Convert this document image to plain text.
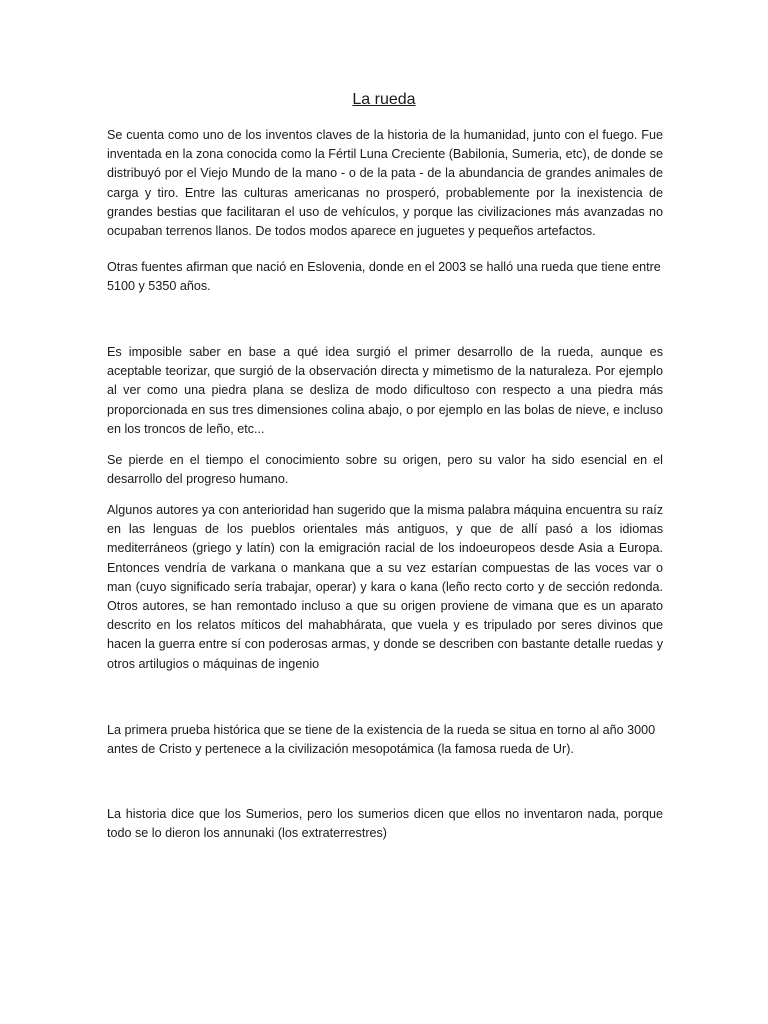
La rueda

Se cuenta como uno de los inventos claves de la historia de la humanidad, junto con el fuego. Fue inventada en la zona conocida como la Fértil Luna Creciente (Babilonia, Sumeria, etc), de donde se distribuyó por el Viejo Mundo de la mano - o de la pata - de la abundancia de grandes animales de carga y tiro. Entre las culturas americanas no prosperó, probablemente por la inexistencia de grandes bestias que facilitaran el uso de vehículos, y porque las civilizaciones más avanzadas no ocupaban terrenos llanos. De todos modos aparece en juguetes y pequeños artefactos.

Otras fuentes afirman que nació en Eslovenia, donde en el 2003 se halló una rueda que tiene entre 5100 y 5350 años.

Es imposible saber en base a qué idea surgió el primer desarrollo de la rueda, aunque es aceptable teorizar, que surgió de la observación directa y mimetismo de la naturaleza. Por ejemplo al ver como una piedra plana se desliza de modo dificultoso con respecto a una piedra más proporcionada en sus tres dimensiones colina abajo, o por ejemplo en las bolas de nieve, e incluso en los troncos de leño, etc...

Se pierde en el tiempo el conocimiento sobre su origen, pero su valor ha sido esencial en el desarrollo del progreso humano.

Algunos autores ya con anterioridad han sugerido que la misma palabra máquina encuentra su raíz en las lenguas de los pueblos orientales más antiguos, y que de allí pasó a los idiomas mediterráneos (griego y latín) con la emigración racial de los indoeuropeos desde Asia a Europa. Entonces vendría de varkana o mankana que a su vez estarían compuestas de las voces var o man (cuyo significado sería trabajar, operar) y kara o kana (leño recto corto y de sección redonda. Otros autores, se han remontado incluso a que su origen proviene de vimana que es un aparato descrito en los relatos míticos del mahabhárata, que vuela y es tripulado por seres divinos que hacen la guerra entre sí con poderosas armas, y donde se describen con bastante detalle ruedas y otros artilugios o máquinas de ingenio

La primera prueba histórica que se tiene de la existencia de la rueda se situa en torno al año 3000 antes de Cristo y pertenece a la civilización mesopotámica (la famosa rueda de Ur).

La historia dice que los Sumerios, pero los sumerios dicen que ellos no inventaron nada, porque todo se lo dieron los annunaki (los extraterrestres)
